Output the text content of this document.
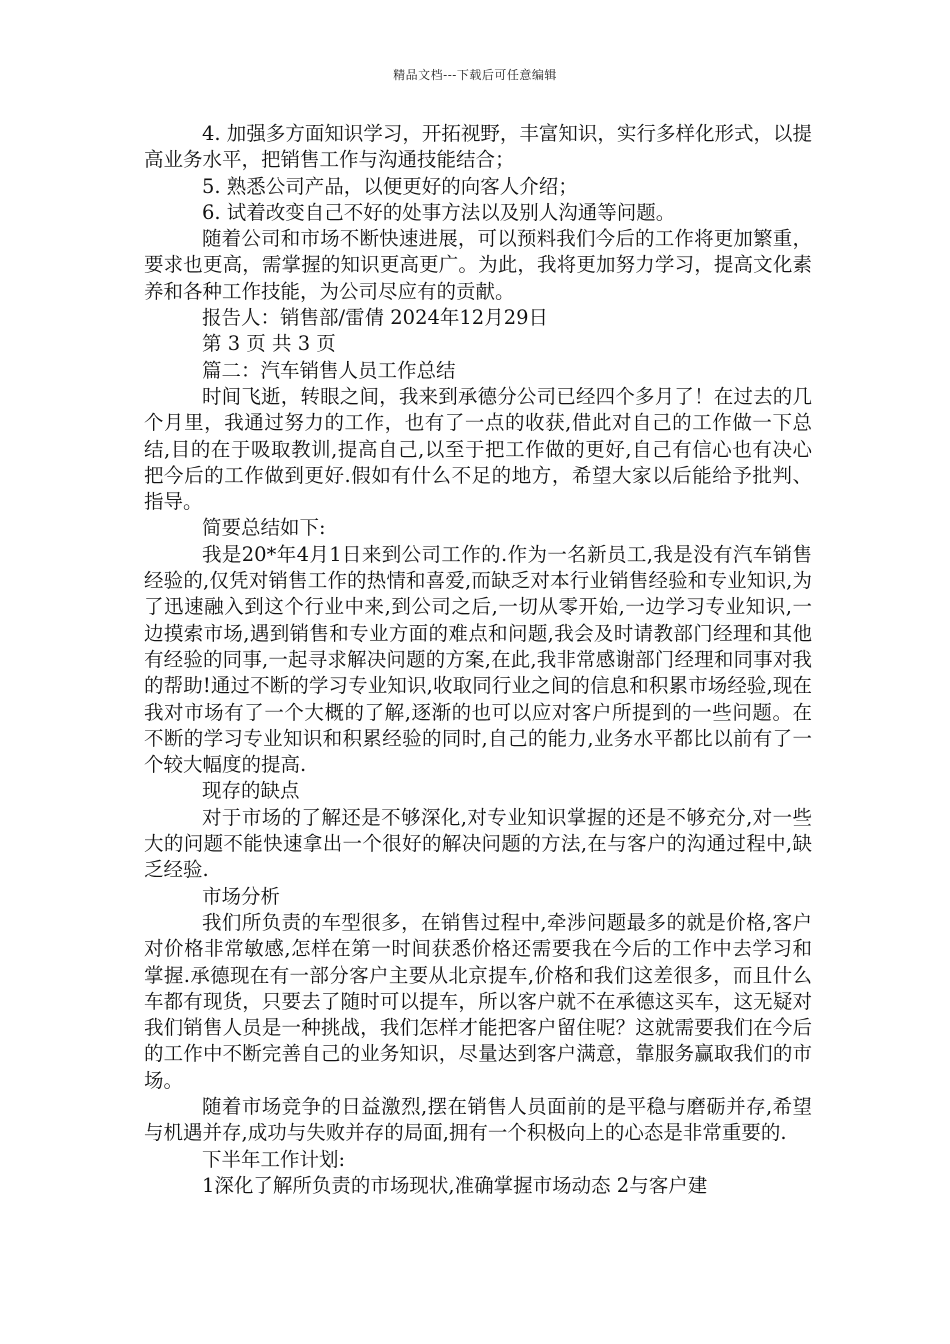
精品文档---下载后可任意编辑

4. 加强多方面知识学习，开拓视野，丰富知识，实行多样化形式，以提高业务水平，把销售工作与沟通技能结合；

5. 熟悉公司产品，以便更好的向客人介绍；

6. 试着改变自己不好的处事方法以及别人沟通等问题。

随着公司和市场不断快速进展，可以预料我们今后的工作将更加繁重，要求也更高，需掌握的知识更高更广。为此，我将更加努力学习，提高文化素养和各种工作技能，为公司尽应有的贡献。

报告人：销售部/雷倩 2024年12月29日

第 3 页 共 3 页

篇二：汽车销售人员工作总结

时间飞逝，转眼之间，我来到承德分公司已经四个多月了！在过去的几个月里，我通过努力的工作，也有了一点的收获,借此对自己的工作做一下总结,目的在于吸取教训,提高自己,以至于把工作做的更好,自己有信心也有决心把今后的工作做到更好.假如有什么不足的地方，希望大家以后能给予批判、指导。

简要总结如下:

我是20*年4月1日来到公司工作的.作为一名新员工,我是没有汽车销售经验的,仅凭对销售工作的热情和喜爱,而缺乏对本行业销售经验和专业知识,为了迅速融入到这个行业中来,到公司之后,一切从零开始,一边学习专业知识,一边摸索市场,遇到销售和专业方面的难点和问题,我会及时请教部门经理和其他有经验的同事,一起寻求解决问题的方案,在此,我非常感谢部门经理和同事对我的帮助!通过不断的学习专业知识,收取同行业之间的信息和积累市场经验,现在我对市场有了一个大概的了解,逐渐的也可以应对客户所提到的一些问题。在不断的学习专业知识和积累经验的同时,自己的能力,业务水平都比以前有了一个较大幅度的提高.

现存的缺点

对于市场的了解还是不够深化,对专业知识掌握的还是不够充分,对一些大的问题不能快速拿出一个很好的解决问题的方法,在与客户的沟通过程中,缺乏经验.

市场分析

我们所负责的车型很多，在销售过程中,牵涉问题最多的就是价格,客户对价格非常敏感,怎样在第一时间获悉价格还需要我在今后的工作中去学习和掌握.承德现在有一部分客户主要从北京提车,价格和我们这差很多，而且什么车都有现货，只要去了随时可以提车，所以客户就不在承德这买车，这无疑对我们销售人员是一种挑战，我们怎样才能把客户留住呢？这就需要我们在今后的工作中不断完善自己的业务知识，尽量达到客户满意，靠服务赢取我们的市场。

随着市场竞争的日益激烈,摆在销售人员面前的是平稳与磨砺并存,希望与机遇并存,成功与失败并存的局面,拥有一个积极向上的心态是非常重要的.

下半年工作计划:

1深化了解所负责的市场现状,准确掌握市场动态 2与客户建
